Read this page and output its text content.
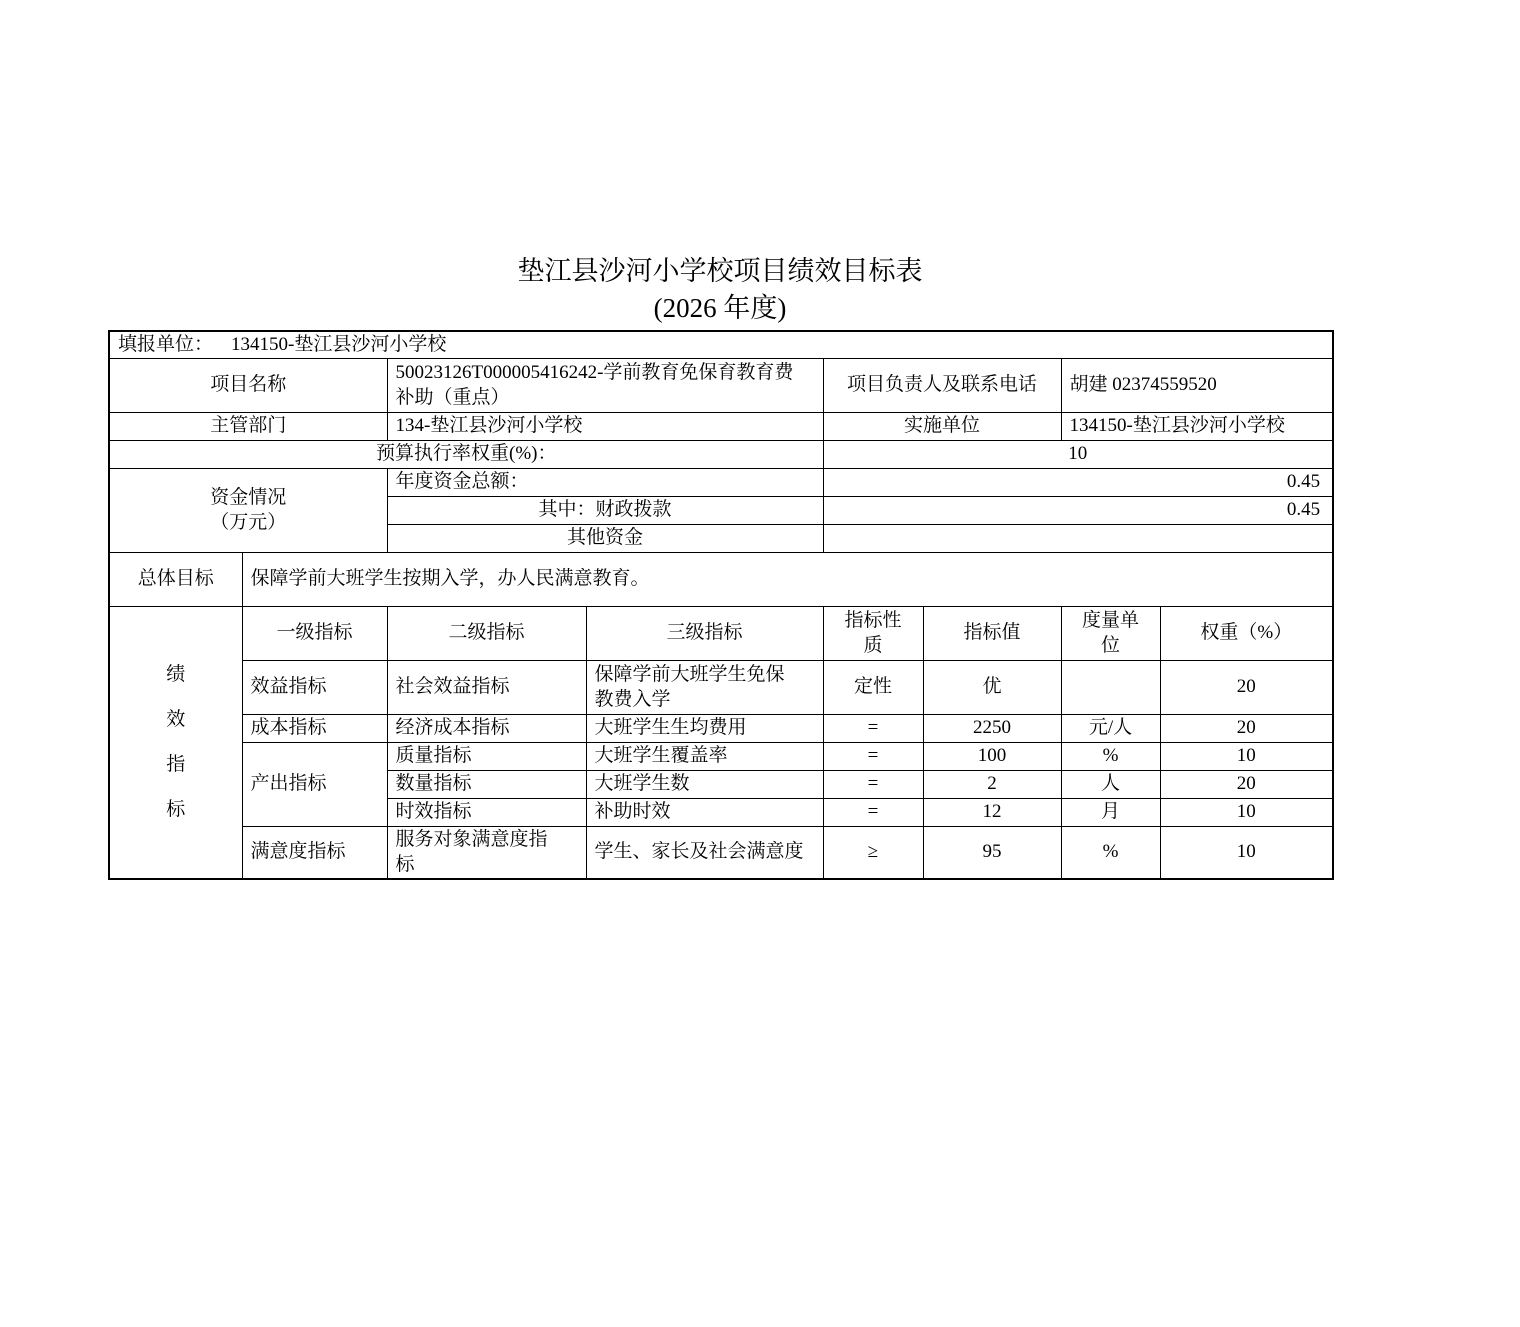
垫江县沙河小学校项目绩效目标表
(2026 年度)
填报单位： 134150-垫江县沙河小学校							
项目名称		50023126T000005416242-学前教育免保育教育费补助（重点）		项目负责人及联系电话		胡建 02374559520	
主管部门		134-垫江县沙河小学校		实施单位		134150-垫江县沙河小学校	
预算执行率权重(%)：				10			

资金情况
（万元）		年度资金总额：		0.45			
		其中：财政拨款		0.45			
		其他资金					
总体目标	保障学前大班学生按期入学，办人民满意教育。						

绩效指标	一级指标	二级指标	三级指标	指标性质	指标值	度量单位	权重（%）
	效益指标	社会效益指标	保障学前大班学生免保教费入学	定性	优		20
	成本指标	经济成本指标	大班学生生均费用	=	2250	元/人	20
	产出指标	质量指标	大班学生覆盖率	=	100	%	10
		数量指标	大班学生数	=	2	人	20
		时效指标	补助时效	=	12	月	10
	满意度指标	服务对象满意度指标	学生、家长及社会满意度	≥	95	%	10
